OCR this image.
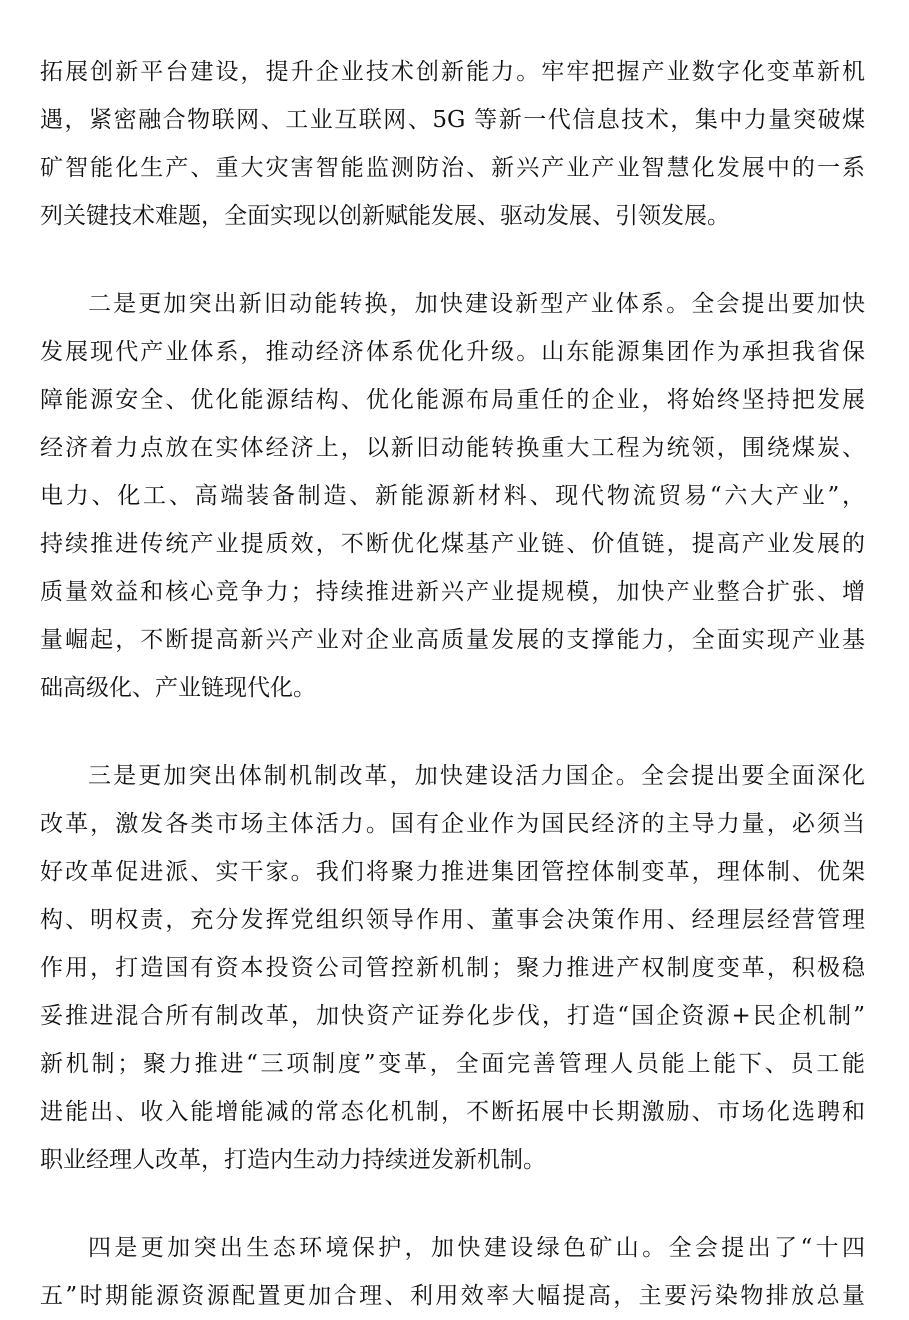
拓展创新平台建设，提升企业技术创新能力。牢牢把握产业数字化变革新机
遇，紧密融合物联网、工业互联网、5G 等新一代信息技术，集中力量突破煤
矿智能化生产、重大灾害智能监测防治、新兴产业产业智慧化发展中的一系
列关键技术难题，全面实现以创新赋能发展、驱动发展、引领发展。
二是更加突出新旧动能转换，加快建设新型产业体系。全会提出要加快
发展现代产业体系，推动经济体系优化升级。山东能源集团作为承担我省保
障能源安全、优化能源结构、优化能源布局重任的企业，将始终坚持把发展
经济着力点放在实体经济上，以新旧动能转换重大工程为统领，围绕煤炭、
电力、化工、高端装备制造、新能源新材料、现代物流贸易“六大产业”，
持续推进传统产业提质效，不断优化煤基产业链、价值链，提高产业发展的
质量效益和核心竞争力；持续推进新兴产业提规模，加快产业整合扩张、增
量崛起，不断提高新兴产业对企业高质量发展的支撑能力，全面实现产业基
础高级化、产业链现代化。
三是更加突出体制机制改革，加快建设活力国企。全会提出要全面深化
改革，激发各类市场主体活力。国有企业作为国民经济的主导力量，必须当
好改革促进派、实干家。我们将聚力推进集团管控体制变革，理体制、优架
构、明权责，充分发挥党组织领导作用、董事会决策作用、经理层经营管理
作用，打造国有资本投资公司管控新机制；聚力推进产权制度变革，积极稳
妥推进混合所有制改革，加快资产证券化步伐，打造“国企资源+民企机制”
新机制；聚力推进“三项制度”变革，全面完善管理人员能上能下、员工能
进能出、收入能增能减的常态化机制，不断拓展中长期激励、市场化选聘和
职业经理人改革，打造内生动力持续迸发新机制。
四是更加突出生态环境保护，加快建设绿色矿山。全会提出了“十四
五”时期能源资源配置更加合理、利用效率大幅提高，主要污染物排放总量
